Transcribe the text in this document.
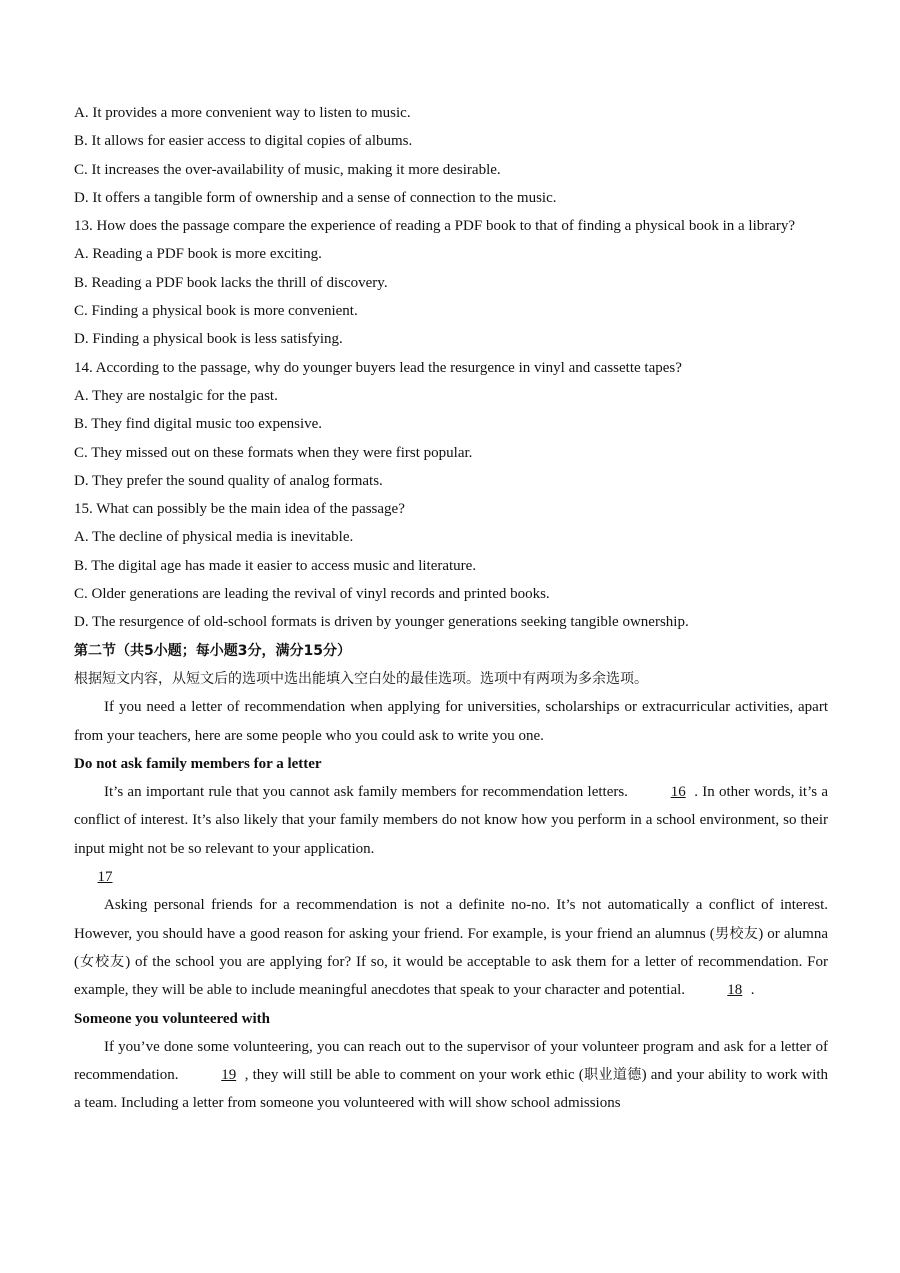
A. It provides a more convenient way to listen to music.
B. It allows for easier access to digital copies of albums.
C. It increases the over-availability of music, making it more desirable.
D. It offers a tangible form of ownership and a sense of connection to the music.
13. How does the passage compare the experience of reading a PDF book to that of finding a physical book in a library?
A. Reading a PDF book is more exciting.
B. Reading a PDF book lacks the thrill of discovery.
C. Finding a physical book is more convenient.
D. Finding a physical book is less satisfying.
14. According to the passage, why do younger buyers lead the resurgence in vinyl and cassette tapes?
A. They are nostalgic for the past.
B. They find digital music too expensive.
C. They missed out on these formats when they were first popular.
D. They prefer the sound quality of analog formats.
15. What can possibly be the main idea of the passage?
A. The decline of physical media is inevitable.
B. The digital age has made it easier to access music and literature.
C. Older generations are leading the revival of vinyl records and printed books.
D. The resurgence of old-school formats is driven by younger generations seeking tangible ownership.
第二节（共5小题；每小题3分，满分15分）
根据短文内容，从短文后的选项中选出能填入空白处的最佳选项。选项中有两项为多余选项。
If you need a letter of recommendation when applying for universities, scholarships or extracurricular activities, apart from your teachers, here are some people who you could ask to write you one.
Do not ask family members for a letter
It’s an important rule that you cannot ask family members for recommendation letters.	16 . In other words, it’s a conflict of interest. It’s also likely that your family members do not know how you perform in a school environment, so their input might not be so relevant to your application.
17
Asking personal friends for a recommendation is not a definite no-no. It’s not automatically a conflict of interest. However, you should have a good reason for asking your friend. For example, is your friend an alumnus (男校友) or alumna (女校友) of the school you are applying for? If so, it would be acceptable to ask them for a letter of recommendation. For example, they will be able to include meaningful anecdotes that speak to your character and potential.	18 .
Someone you volunteered with
If you’ve done some volunteering, you can reach out to the supervisor of your volunteer program and ask for a letter of recommendation.	19 , they will still be able to comment on your work ethic (职业道德) and your ability to work with a team. Including a letter from someone you volunteered with will show school admissions
